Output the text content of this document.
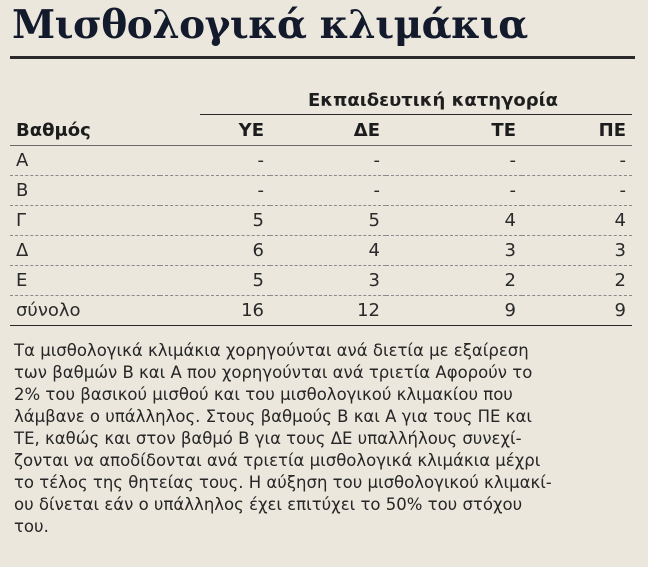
Μισθολογικά κλιμάκια
Εκπαιδευτική κατηγορία
Βαθμός	ΥΕ	ΔΕ	ΤΕ	ΠΕ
Α	-	-	-	-
Β	-	-	-	-
Γ	5	5	4	4
Δ	6	4	3	3
Ε	5	3	2	2
σύνολο	16	12	9	9
Τα μισθολογικά κλιμάκια χορηγούνται ανά διετία με εξαίρεση
των βαθμών Β και Α που χορηγούνται ανά τριετία Αφορούν το
2% του βασικού μισθού και του μισθολογικού κλιμακίου που
λάμβανε ο υπάλληλος. Στους βαθμούς Β και Α για τους ΠΕ και
ΤΕ, καθώς και στον βαθμό Β για τους ΔΕ υπαλλήλους συνεχί-
ζονται να αποδίδονται ανά τριετία μισθολογικά κλιμάκια μέχρι
το τέλος της θητείας τους. Η αύξηση του μισθολογικού κλιμακί-
ου δίνεται εάν ο υπάλληλος έχει επιτύχει το 50% του στόχου
του.
